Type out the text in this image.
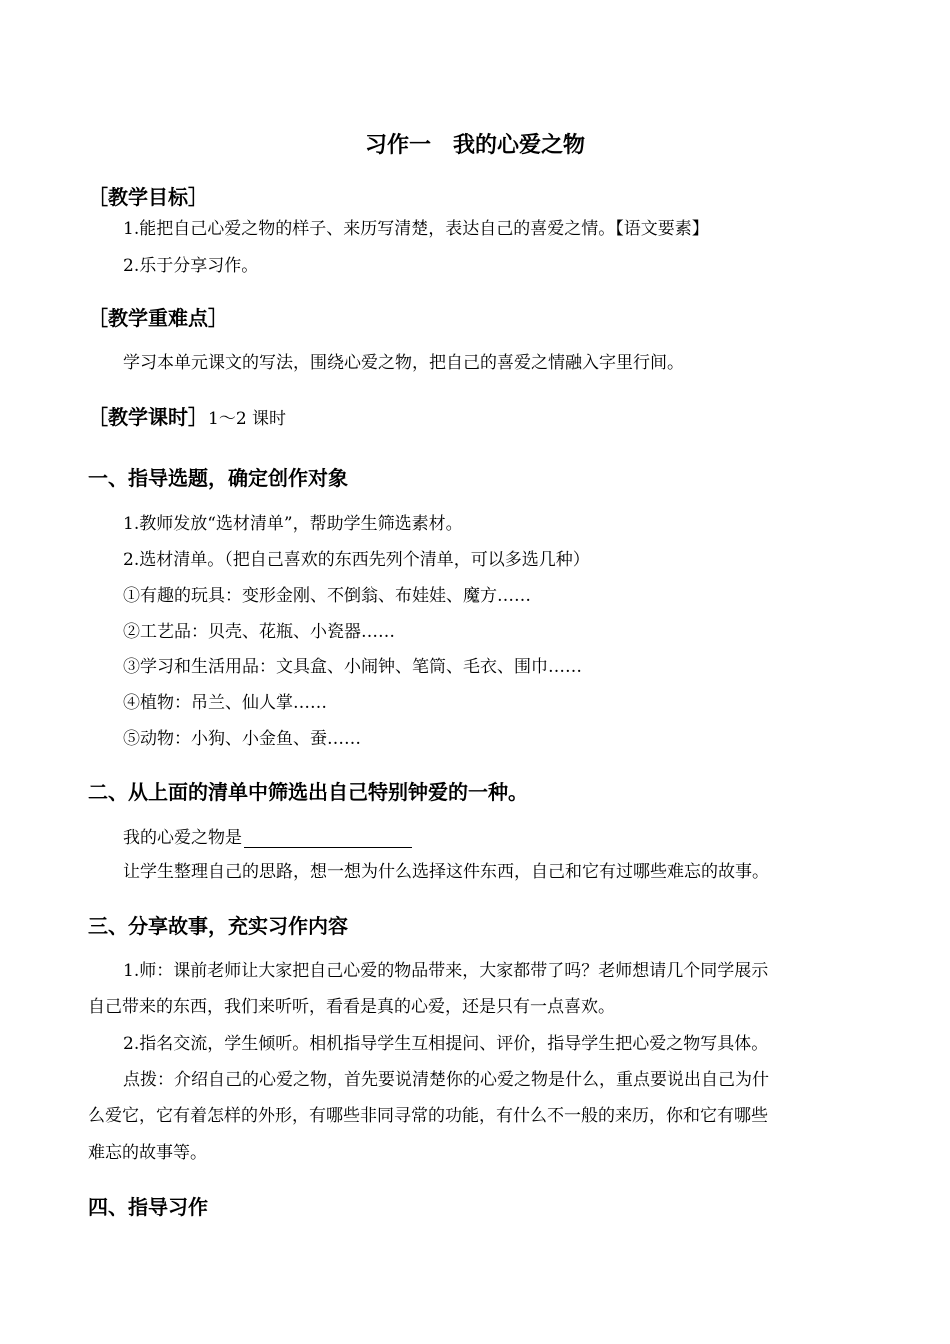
习作一　我的心爱之物
［教学目标］
1.能把自己心爱之物的样子、来历写清楚，表达自己的喜爱之情。【语文要素】
2.乐于分享习作。
［教学重难点］
学习本单元课文的写法，围绕心爱之物，把自己的喜爱之情融入字里行间。
［教学课时］1～2 课时
一、指导选题，确定创作对象
1.教师发放“选材清单”，帮助学生筛选素材。
2.选材清单。（把自己喜欢的东西先列个清单，可以多选几种）
①有趣的玩具：变形金刚、不倒翁、布娃娃、魔方……
②工艺品：贝壳、花瓶、小瓷器……
③学习和生活用品：文具盒、小闹钟、笔筒、毛衣、围巾……
④植物：吊兰、仙人掌……
⑤动物：小狗、小金鱼、蚕……
二、从上面的清单中筛选出自己特别钟爱的一种。
我的心爱之物是
让学生整理自己的思路，想一想为什么选择这件东西，自己和它有过哪些难忘的故事。
三、分享故事，充实习作内容
1.师：课前老师让大家把自己心爱的物品带来，大家都带了吗？老师想请几个同学展示
自己带来的东西，我们来听听，看看是真的心爱，还是只有一点喜欢。
2.指名交流，学生倾听。相机指导学生互相提问、评价，指导学生把心爱之物写具体。
点拨：介绍自己的心爱之物，首先要说清楚你的心爱之物是什么，重点要说出自己为什
么爱它，它有着怎样的外形，有哪些非同寻常的功能，有什么不一般的来历，你和它有哪些
难忘的故事等。
四、指导习作
